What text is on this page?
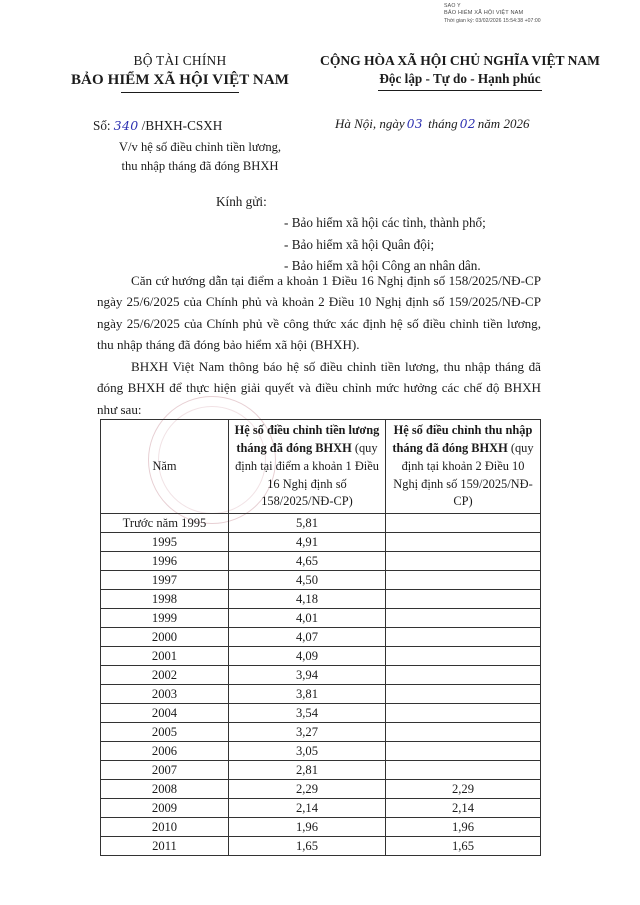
SAO Y
BẢO HIỂM XÃ HỘI VIỆT NAM
Thời gian ký: 03/02/2026 15:54:38 +07:00
BỘ TÀI CHÍNH
BẢO HIỂM XÃ HỘI VIỆT NAM
CỘNG HÒA XÃ HỘI CHỦ NGHĨA VIỆT NAM
Độc lập - Tự do - Hạnh phúc
Số: 340 /BHXH-CSXH
V/v hệ số điều chỉnh tiền lương,
thu nhập tháng đã đóng BHXH
Hà Nội, ngày 03 tháng 02 năm 2026
Kính gửi:
- Bảo hiểm xã hội các tỉnh, thành phố;
- Bảo hiểm xã hội Quân đội;
- Bảo hiểm xã hội Công an nhân dân.
Căn cứ hướng dẫn tại điểm a khoản 1 Điều 16 Nghị định số 158/2025/NĐ-CP ngày 25/6/2025 của Chính phủ và khoản 2 Điều 10 Nghị định số 159/2025/NĐ-CP ngày 25/6/2025 của Chính phủ về công thức xác định hệ số điều chỉnh tiền lương, thu nhập tháng đã đóng bảo hiểm xã hội (BHXH).
BHXH Việt Nam thông báo hệ số điều chỉnh tiền lương, thu nhập tháng đã đóng BHXH để thực hiện giải quyết và điều chỉnh mức hưởng các chế độ BHXH như sau:
Năm	Hệ số điều chỉnh tiền lương tháng đã đóng BHXH (quy định tại điểm a khoản 1 Điều 16 Nghị định số 158/2025/NĐ-CP)	Hệ số điều chỉnh thu nhập tháng đã đóng BHXH (quy định tại khoản 2 Điều 10 Nghị định số 159/2025/NĐ-CP)
Trước năm 1995	5,81	
1995	4,91	
1996	4,65	
1997	4,50	
1998	4,18	
1999	4,01	
2000	4,07	
2001	4,09	
2002	3,94	
2003	3,81	
2004	3,54	
2005	3,27	
2006	3,05	
2007	2,81	
2008	2,29	2,29
2009	2,14	2,14
2010	1,96	1,96
2011	1,65	1,65
